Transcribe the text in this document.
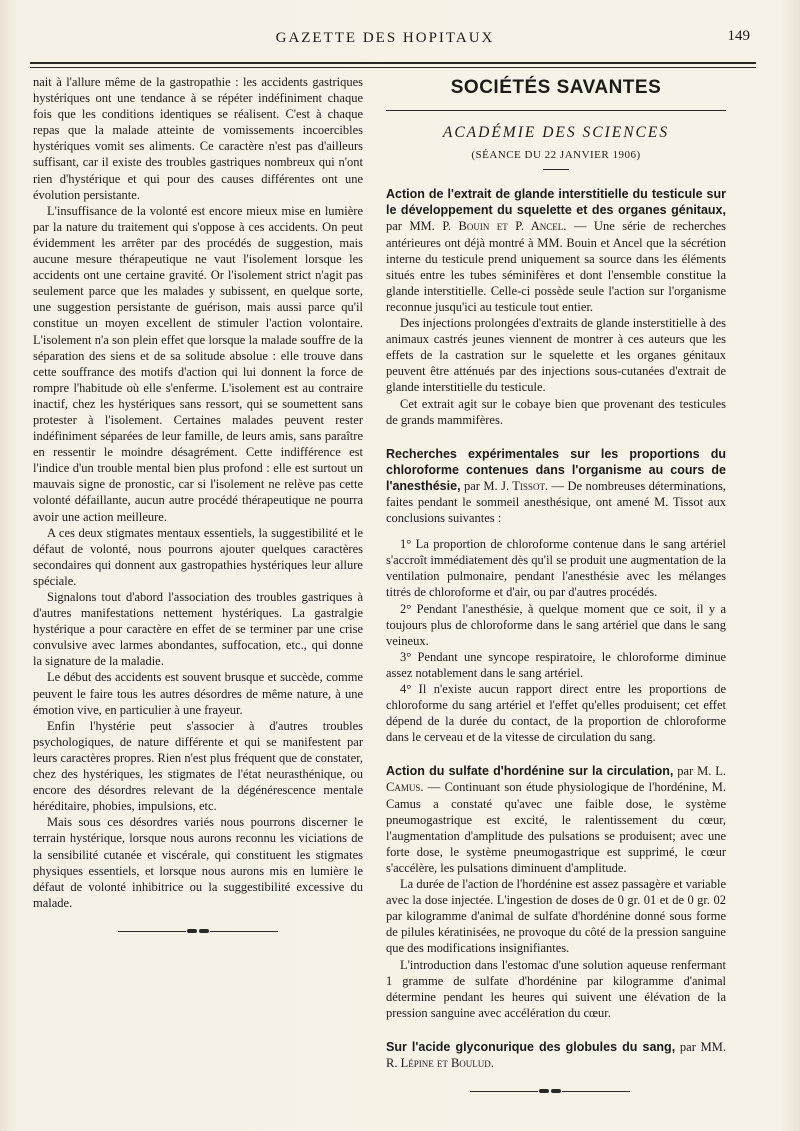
GAZETTE DES HOPITAUX	149

nait à l'allure même de la gastropathie : les accidents gastriques hystériques ont une tendance à se répéter indéfiniment chaque fois que les conditions identiques se réalisent. C'est à chaque repas que la malade atteinte de vomissements incoercibles hystériques vomit ses aliments. Ce caractère n'est pas d'ailleurs suffisant, car il existe des troubles gastriques nombreux qui n'ont rien d'hystérique et qui pour des causes différentes ont une évolution persistante.

L'insuffisance de la volonté est encore mieux mise en lumière par la nature du traitement qui s'oppose à ces accidents. On peut évidemment les arrêter par des procédés de suggestion, mais aucune mesure thérapeutique ne vaut l'isolement lorsque les accidents ont une certaine gravité. Or l'isolement strict n'agit pas seulement parce que les malades y subissent, en quelque sorte, une suggestion persistante de guérison, mais aussi parce qu'il constitue un moyen excellent de stimuler l'action volontaire. L'isolement n'a son plein effet que lorsque la malade souffre de la séparation des siens et de sa solitude absolue : elle trouve dans cette souffrance des motifs d'action qui lui donnent la force de rompre l'habitude où elle s'enferme. L'isolement est au contraire inactif, chez les hystériques sans ressort, qui se soumettent sans protester à l'isolement. Certaines malades peuvent rester indéfiniment séparées de leur famille, de leurs amis, sans paraître en ressentir le moindre désagrément. Cette indifférence est l'indice d'un trouble mental bien plus profond : elle est surtout un mauvais signe de pronostic, car si l'isolement ne relève pas cette volonté défaillante, aucun autre procédé thérapeutique ne pourra avoir une action meilleure.

A ces deux stigmates mentaux essentiels, la suggestibilité et le défaut de volonté, nous pourrons ajouter quelques caractères secondaires qui donnent aux gastropathies hystériques leur allure spéciale.

Signalons tout d'abord l'association des troubles gastriques à d'autres manifestations nettement hystériques. La gastralgie hystérique a pour caractère en effet de se terminer par une crise convulsive avec larmes abondantes, suffocation, etc., qui donne la signature de la maladie.

Le début des accidents est souvent brusque et succède, comme peuvent le faire tous les autres désordres de même nature, à une émotion vive, en particulier à une frayeur.

Enfin l'hystérie peut s'associer à d'autres troubles psychologiques, de nature différente et qui se manifestent par leurs caractères propres. Rien n'est plus fréquent que de constater, chez des hystériques, les stigmates de l'état neurasthénique, ou encore des désordres relevant de la dégénérescence mentale héréditaire, phobies, impulsions, etc.

Mais sous ces désordres variés nous pourrons discerner le terrain hystérique, lorsque nous aurons reconnu les viciations de la sensibilité cutanée et viscérale, qui constituent les stigmates physiques essentiels, et lorsque nous aurons mis en lumière le défaut de volonté inhibitrice ou la suggestibilité excessive du malade.

SOCIÉTÉS SAVANTES
ACADÉMIE DES SCIENCES
(SÉANCE DU 22 JANVIER 1906)

Action de l'extrait de glande interstitielle du testicule sur le développement du squelette et des organes génitaux, par MM. P. Bouin et P. Ancel. — Une série de recherches antérieures ont déjà montré à MM. Bouin et Ancel que la sécrétion interne du testicule prend uniquement sa source dans les éléments situés entre les tubes séminifères et dont l'ensemble constitue la glande interstitielle. Celle-ci possède seule l'action sur l'organisme reconnue jusqu'ici au testicule tout entier.

Des injections prolongées d'extraits de glande insterstitielle à des animaux castrés jeunes viennent de montrer à ces auteurs que les effets de la castration sur le squelette et les organes génitaux peuvent être atténués par des injections sous-cutanées d'extrait de glande interstitielle du testicule.

Cet extrait agit sur le cobaye bien que provenant des testicules de grands mammifères.

Recherches expérimentales sur les proportions du chloroforme contenues dans l'organisme au cours de l'anesthésie, par M. J. Tissot. — De nombreuses déterminations, faites pendant le sommeil anesthésique, ont amené M. Tissot aux conclusions suivantes :

1° La proportion de chloroforme contenue dans le sang artériel s'accroît immédiatement dès qu'il se produit une augmentation de la ventilation pulmonaire, pendant l'anesthésie avec les mélanges titrés de chloroforme et d'air, ou par d'autres procédés.

2° Pendant l'anesthésie, à quelque moment que ce soit, il y a toujours plus de chloroforme dans le sang artériel que dans le sang veineux.

3° Pendant une syncope respiratoire, le chloroforme diminue assez notablement dans le sang artériel.

4° Il n'existe aucun rapport direct entre les proportions de chloroforme du sang artériel et l'effet qu'elles produisent; cet effet dépend de la durée du contact, de la proportion de chloroforme dans le cerveau et de la vitesse de circulation du sang.

Action du sulfate d'hordénine sur la circulation, par M. L. Camus. — Continuant son étude physiologique de l'hordénine, M. Camus a constaté qu'avec une faible dose, le système pneumogastrique est excité, le ralentissement du cœur, l'augmentation d'amplitude des pulsations se produisent; avec une forte dose, le système pneumogastrique est supprimé, le cœur s'accélère, les pulsations diminuent d'amplitude.

La durée de l'action de l'hordénine est assez passagère et variable avec la dose injectée. L'ingestion de doses de 0 gr. 01 et de 0 gr. 02 par kilogramme d'animal de sulfate d'hordénine donné sous forme de pilules kératinisées, ne provoque du côté de la pression sanguine que des modifications insignifiantes.

L'introduction dans l'estomac d'une solution aqueuse renfermant 1 gramme de sulfate d'hordénine par kilogramme d'animal détermine pendant les heures qui suivent une élévation de la pression sanguine avec accélération du cœur.

Sur l'acide glyconurique des globules du sang, par MM. R. Lépine et Boulud.
